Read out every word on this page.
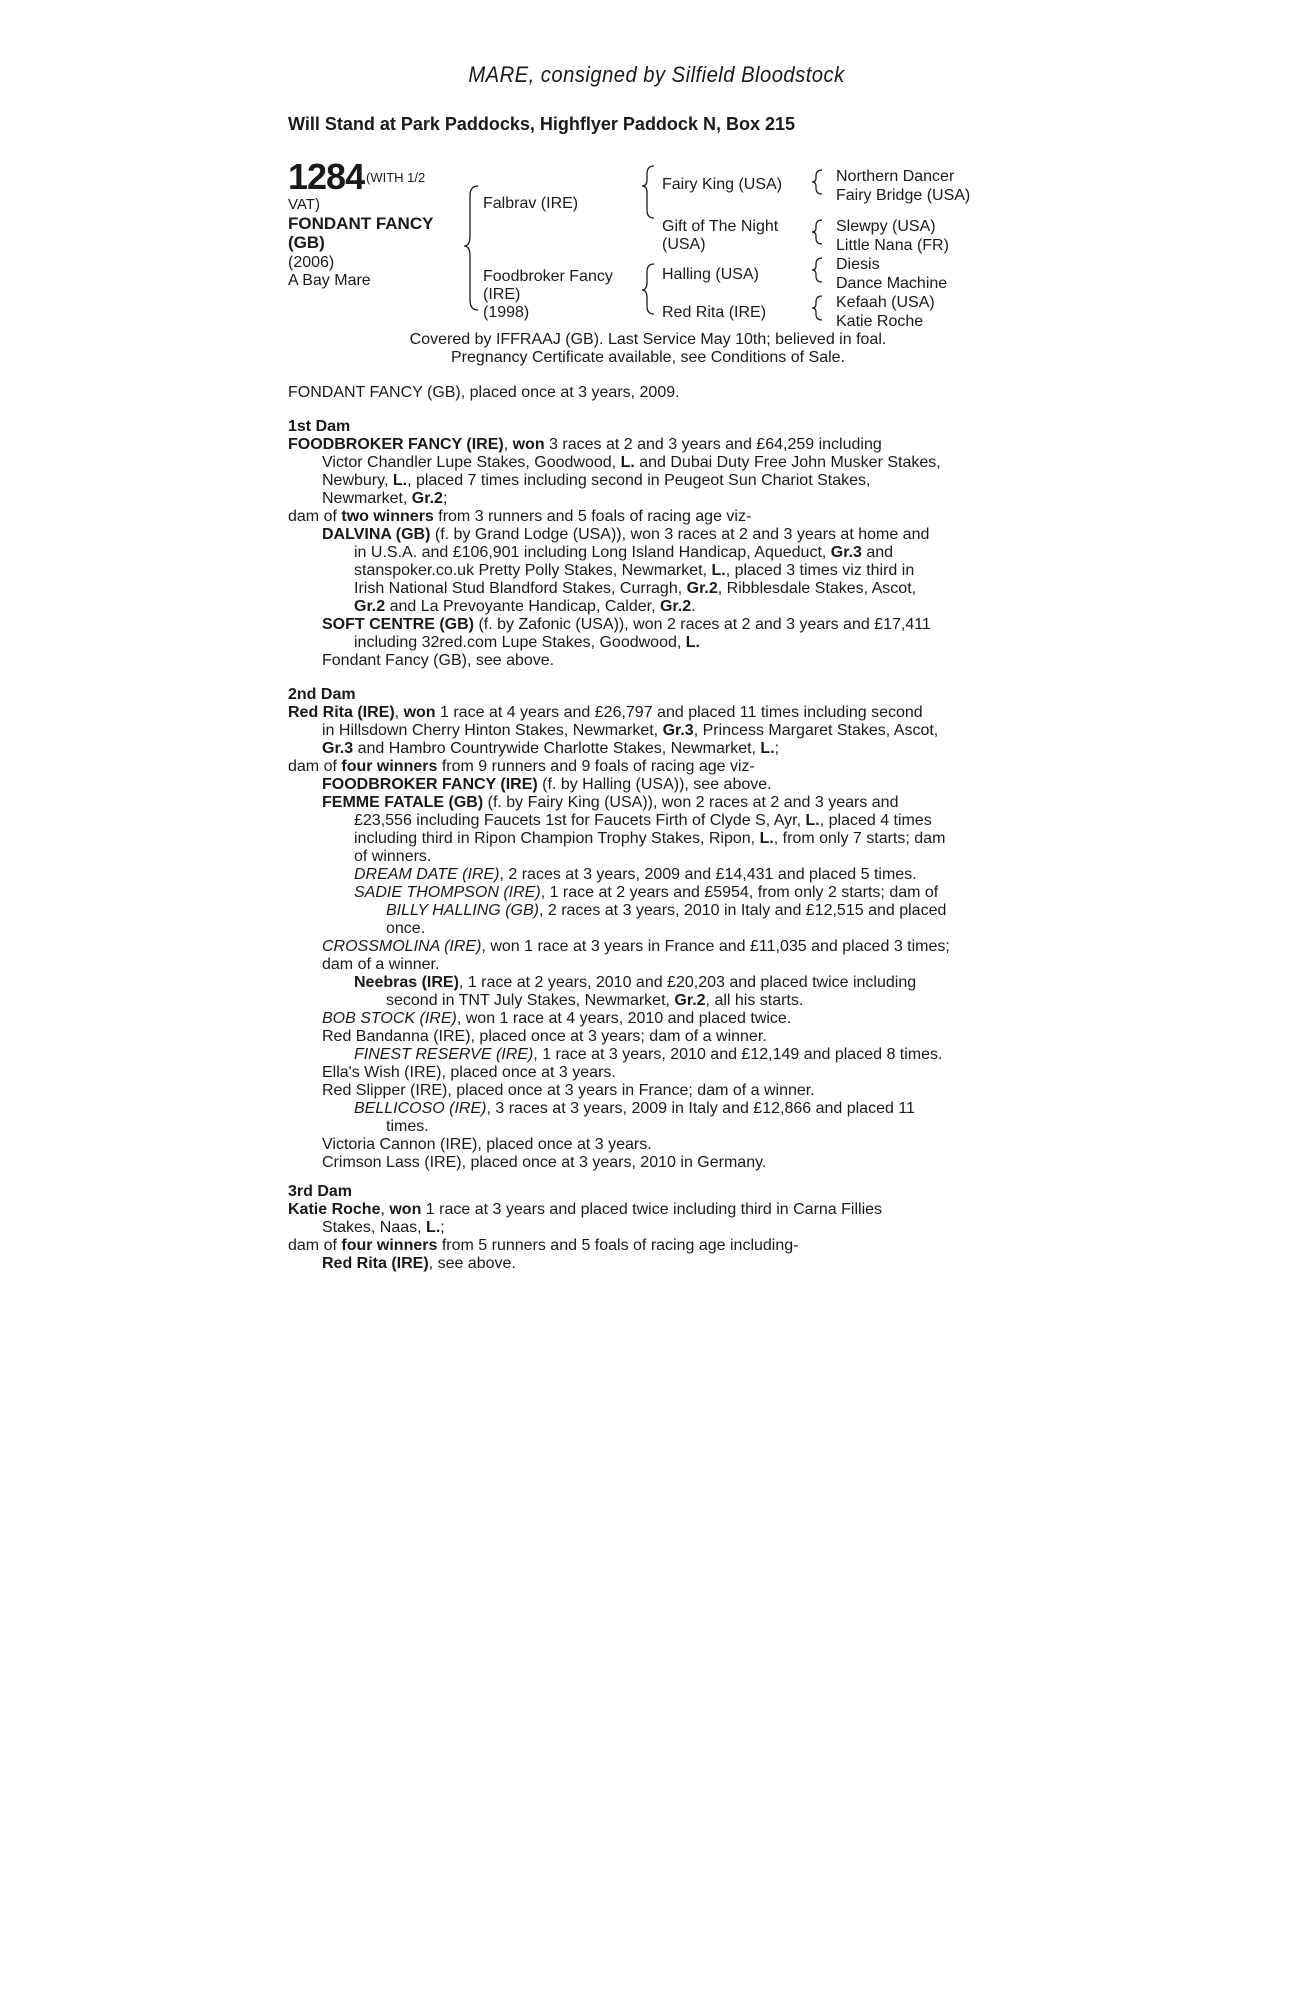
MARE, consigned by Silfield Bloodstock
Will Stand at Park Paddocks, Highflyer Paddock N, Box 215
1284 (WITH 1/2
VAT)
FONDANT FANCY
(GB)
(2006)
A Bay Mare
Falbrav (IRE)
Foodbroker Fancy
(IRE)
(1998)
Fairy King (USA)
Gift of The Night
(USA)
Halling (USA)
Red Rita (IRE)
Northern Dancer
Fairy Bridge (USA)
Slewpy (USA)
Little Nana (FR)
Diesis
Dance Machine
Kefaah (USA)
Katie Roche
Covered by IFFRAAJ (GB). Last Service May 10th; believed in foal.
Pregnancy Certificate available, see Conditions of Sale.
FONDANT FANCY (GB), placed once at 3 years, 2009.
1st Dam
FOODBROKER FANCY (IRE), won 3 races at 2 and 3 years and £64,259 including
Victor Chandler Lupe Stakes, Goodwood, L. and Dubai Duty Free John Musker Stakes,
Newbury, L., placed 7 times including second in Peugeot Sun Chariot Stakes,
Newmarket, Gr.2;
dam of two winners from 3 runners and 5 foals of racing age viz-
DALVINA (GB) (f. by Grand Lodge (USA)), won 3 races at 2 and 3 years at home and
in U.S.A. and £106,901 including Long Island Handicap, Aqueduct, Gr.3 and
stanspoker.co.uk Pretty Polly Stakes, Newmarket, L., placed 3 times viz third in
Irish National Stud Blandford Stakes, Curragh, Gr.2, Ribblesdale Stakes, Ascot,
Gr.2 and La Prevoyante Handicap, Calder, Gr.2.
SOFT CENTRE (GB) (f. by Zafonic (USA)), won 2 races at 2 and 3 years and £17,411
including 32red.com Lupe Stakes, Goodwood, L.
Fondant Fancy (GB), see above.
2nd Dam
Red Rita (IRE), won 1 race at 4 years and £26,797 and placed 11 times including second
in Hillsdown Cherry Hinton Stakes, Newmarket, Gr.3, Princess Margaret Stakes, Ascot,
Gr.3 and Hambro Countrywide Charlotte Stakes, Newmarket, L.;
dam of four winners from 9 runners and 9 foals of racing age viz-
FOODBROKER FANCY (IRE) (f. by Halling (USA)), see above.
FEMME FATALE (GB) (f. by Fairy King (USA)), won 2 races at 2 and 3 years and
£23,556 including Faucets 1st for Faucets Firth of Clyde S, Ayr, L., placed 4 times
including third in Ripon Champion Trophy Stakes, Ripon, L., from only 7 starts; dam
of winners.
DREAM DATE (IRE), 2 races at 3 years, 2009 and £14,431 and placed 5 times.
SADIE THOMPSON (IRE), 1 race at 2 years and £5954, from only 2 starts; dam of
BILLY HALLING (GB), 2 races at 3 years, 2010 in Italy and £12,515 and placed
once.
CROSSMOLINA (IRE), won 1 race at 3 years in France and £11,035 and placed 3 times;
dam of a winner.
Neebras (IRE), 1 race at 2 years, 2010 and £20,203 and placed twice including
second in TNT July Stakes, Newmarket, Gr.2, all his starts.
BOB STOCK (IRE), won 1 race at 4 years, 2010 and placed twice.
Red Bandanna (IRE), placed once at 3 years; dam of a winner.
FINEST RESERVE (IRE), 1 race at 3 years, 2010 and £12,149 and placed 8 times.
Ella's Wish (IRE), placed once at 3 years.
Red Slipper (IRE), placed once at 3 years in France; dam of a winner.
BELLICOSO (IRE), 3 races at 3 years, 2009 in Italy and £12,866 and placed 11
times.
Victoria Cannon (IRE), placed once at 3 years.
Crimson Lass (IRE), placed once at 3 years, 2010 in Germany.
3rd Dam
Katie Roche, won 1 race at 3 years and placed twice including third in Carna Fillies
Stakes, Naas, L.;
dam of four winners from 5 runners and 5 foals of racing age including-
Red Rita (IRE), see above.
